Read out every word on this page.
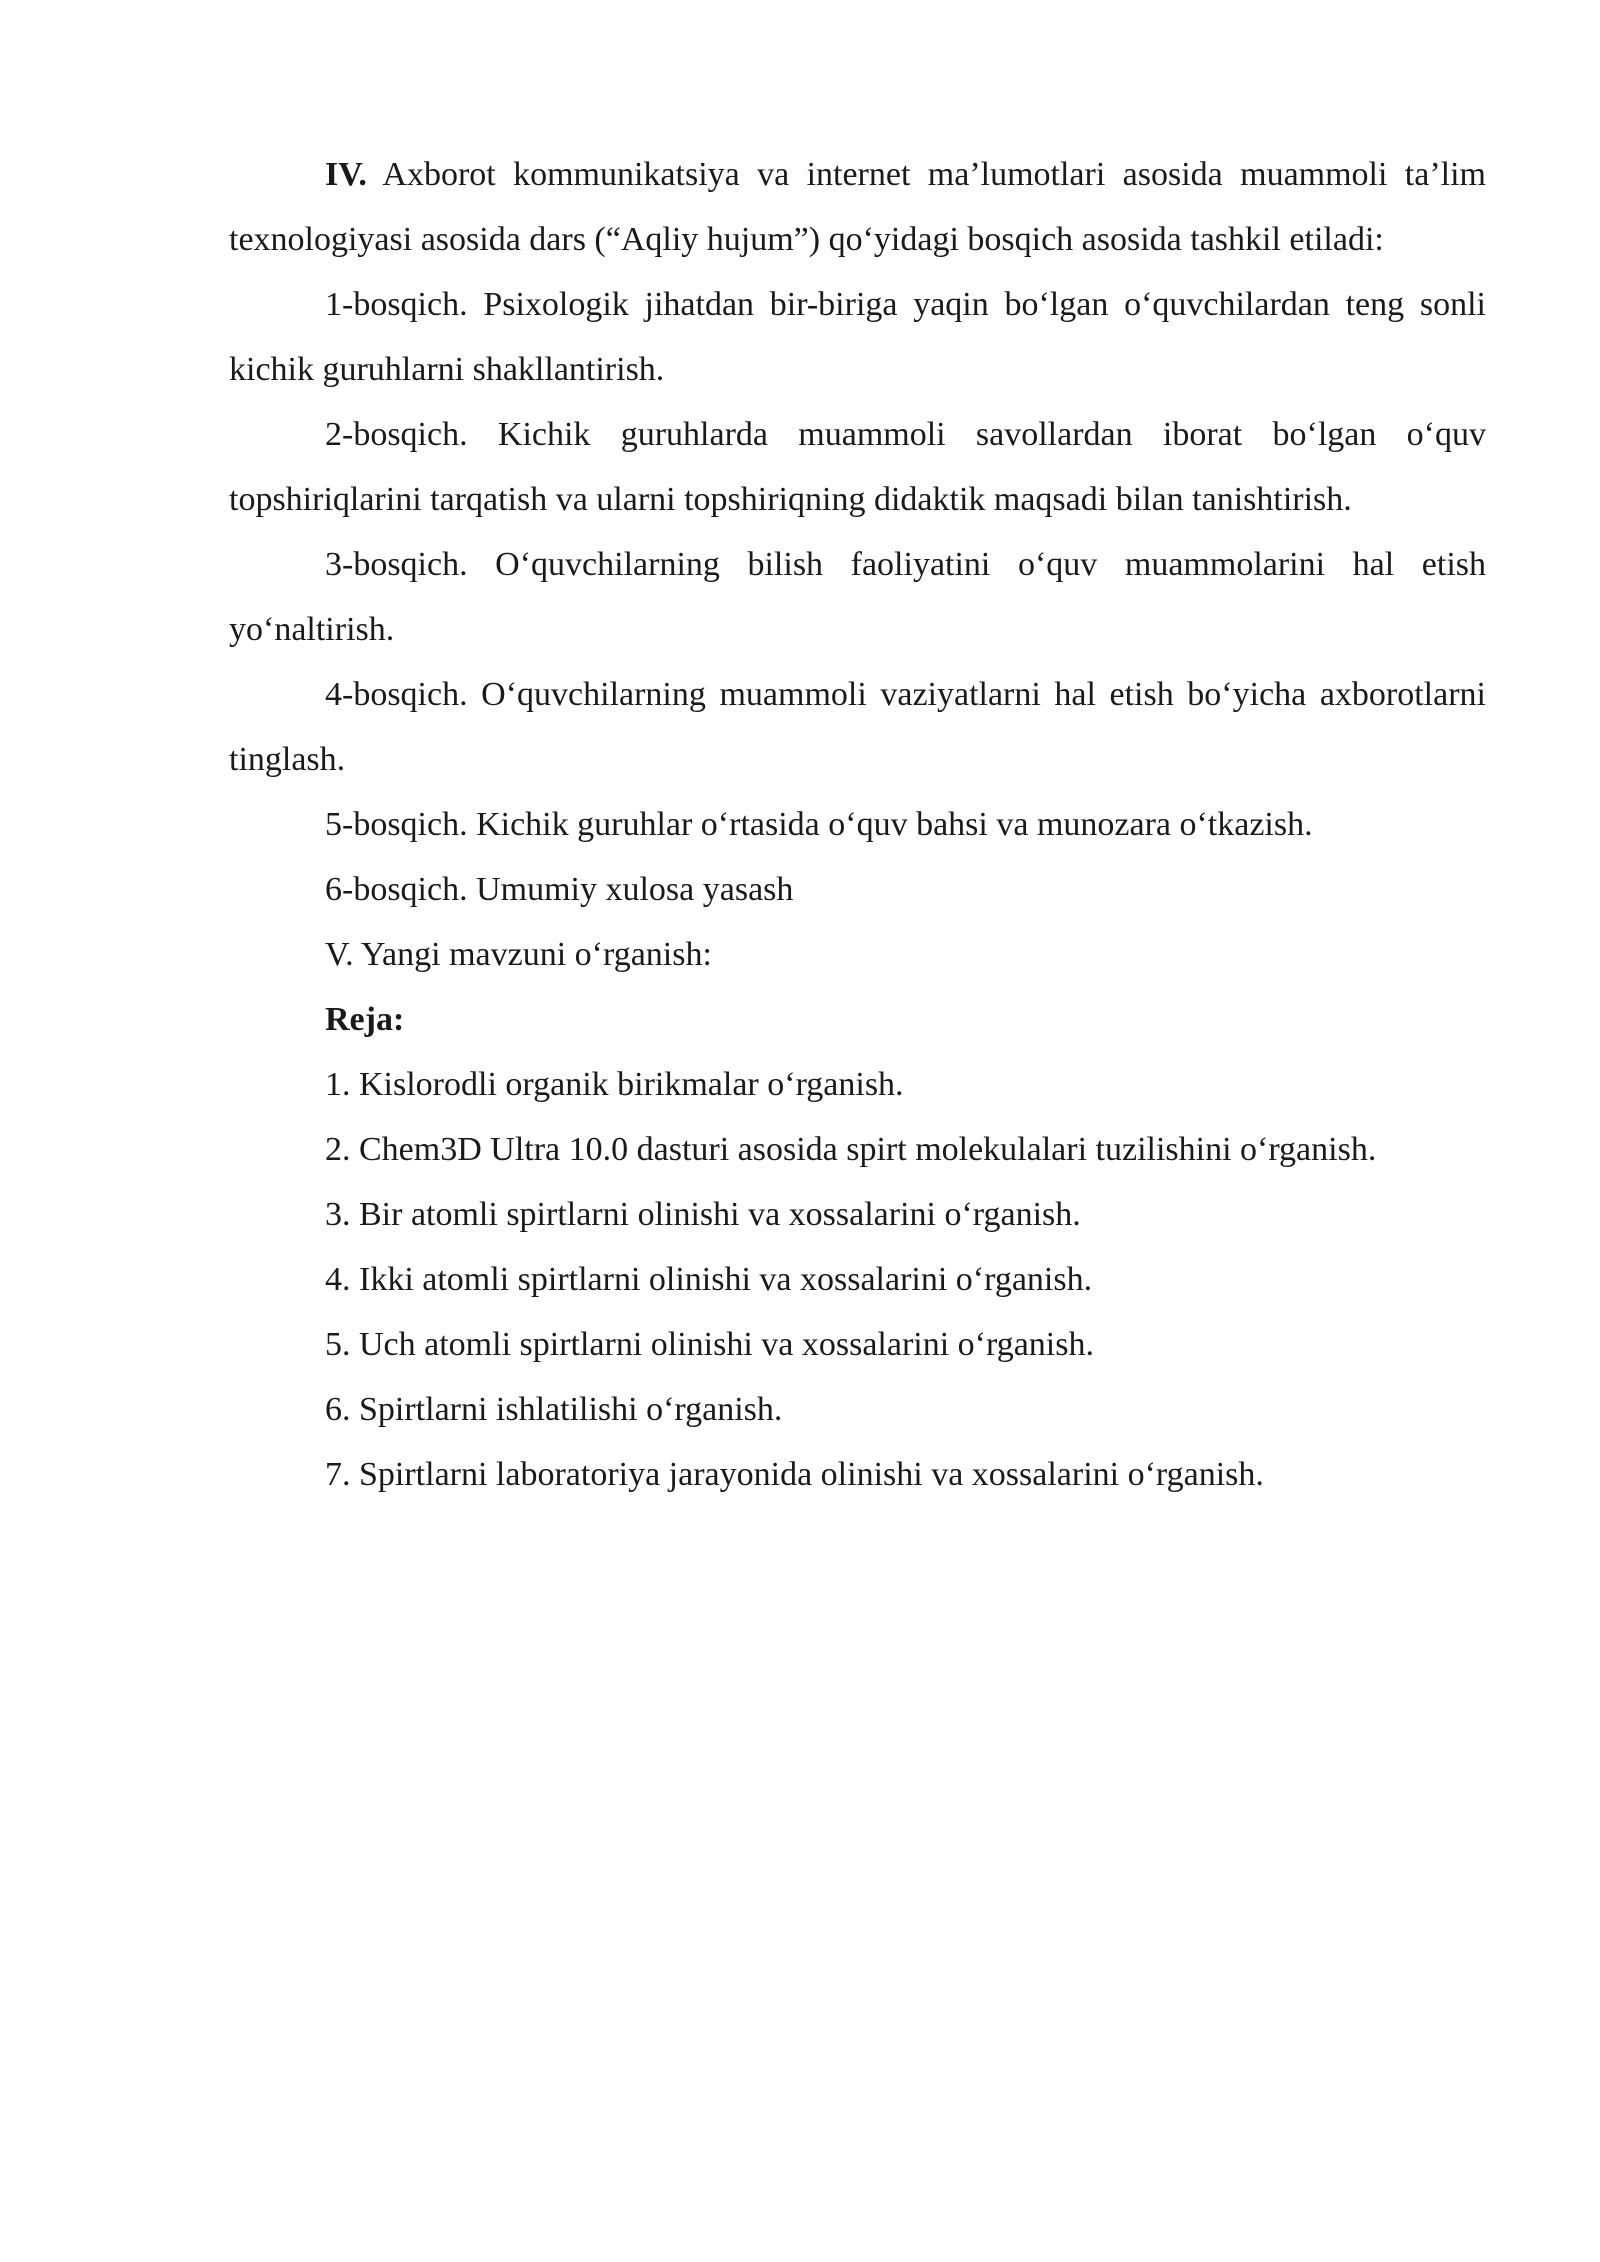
IV. Axborot kommunikatsiya va internet ma’lumotlari asosida muammoli ta’lim texnologiyasi asosida dars (“Aqliy hujum”) qo‘yidagi bosqich asosida tashkil etiladi:

1-bosqich. Psixologik jihatdan bir-biriga yaqin bo‘lgan o‘quvchilardan teng sonli kichik guruhlarni shakllantirish.

2-bosqich. Kichik guruhlarda muammoli savollardan iborat bo‘lgan o‘quv topshiriqlarini tarqatish va ularni topshiriqning didaktik maqsadi bilan tanishtirish.

3-bosqich. O‘quvchilarning bilish faoliyatini o‘quv muammolarini hal etish yo‘naltirish.

4-bosqich. O‘quvchilarning muammoli vaziyatlarni hal etish bo‘yicha axborotlarni tinglash.

5-bosqich. Kichik guruhlar o‘rtasida o‘quv bahsi va munozara o‘tkazish.

6-bosqich. Umumiy xulosa yasash

V. Yangi mavzuni o‘rganish:

Reja:

1. Kislorodli organik birikmalar o‘rganish.

2. Chem3D Ultra 10.0 dasturi asosida spirt molekulalari tuzilishini o‘rganish.

3. Bir atomli spirtlarni olinishi va xossalarini o‘rganish.

4. Ikki atomli spirtlarni olinishi va xossalarini o‘rganish.

5. Uch atomli spirtlarni olinishi va xossalarini o‘rganish.

6. Spirtlarni ishlatilishi o‘rganish.

7. Spirtlarni laboratoriya jarayonida olinishi va xossalarini o‘rganish.
